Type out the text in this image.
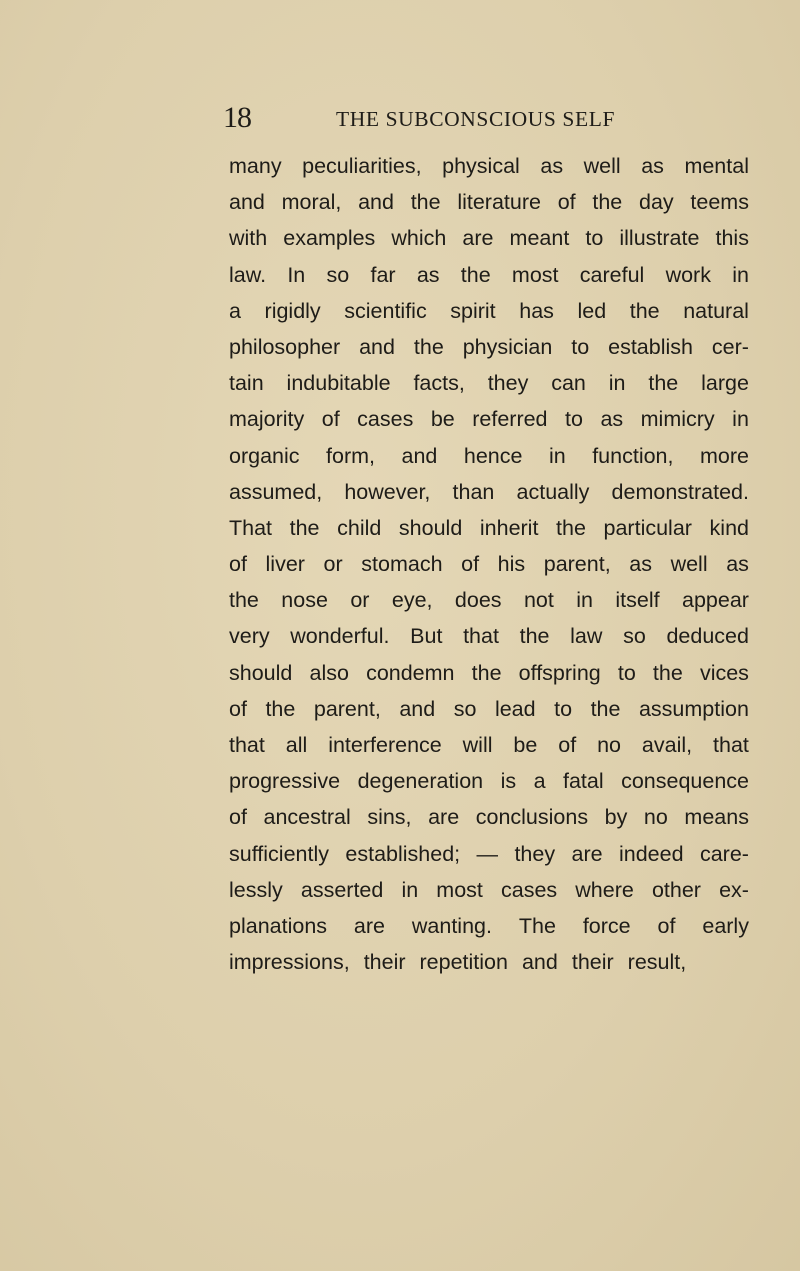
18	THE SUBCONSCIOUS SELF
many peculiarities, physical as well as mental
and moral, and the literature of the day teems
with examples which are meant to illustrate this
law. In so far as the most careful work in
a rigidly scientific spirit has led the natural
philosopher and the physician to establish cer-
tain indubitable facts, they can in the large
majority of cases be referred to as mimicry in
organic form, and hence in function, more
assumed, however, than actually demonstrated.
That the child should inherit the particular kind
of liver or stomach of his parent, as well as
the nose or eye, does not in itself appear
very wonderful. But that the law so deduced
should also condemn the offspring to the vices
of the parent, and so lead to the assumption
that all interference will be of no avail, that
progressive degeneration is a fatal consequence
of ancestral sins, are conclusions by no means
sufficiently established; — they are indeed care-
lessly asserted in most cases where other ex-
planations are wanting. The force of early
impressions, their repetition and their result,
